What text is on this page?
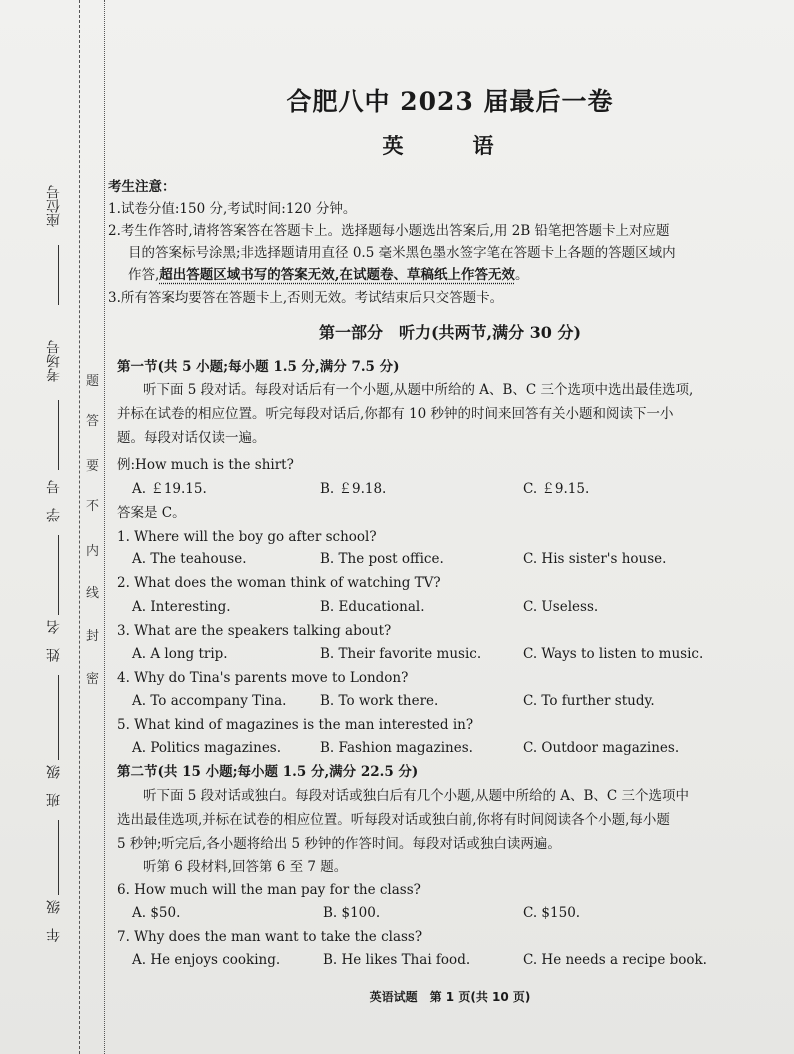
座位号
考场号
学　号
姓　名
班　级
年　级
题
答
要
不
内
线
封
密
合肥八中 2023 届最后一卷
英　语
考生注意：
1.试卷分值:150 分,考试时间:120 分钟。
2.考生作答时,请将答案答在答题卡上。选择题每小题选出答案后,用 2B 铅笔把答题卡上对应题
目的答案标号涂黑;非选择题请用直径 0.5 毫米黑色墨水签字笔在答题卡上各题的答题区域内
作答,超出答题区域书写的答案无效,在试题卷、草稿纸上作答无效。
3.所有答案均要答在答题卡上,否则无效。考试结束后只交答题卡。
第一部分　听力(共两节,满分 30 分)
第一节(共 5 小题;每小题 1.5 分,满分 7.5 分)
听下面 5 段对话。每段对话后有一个小题,从题中所给的 A、B、C 三个选项中选出最佳选项,
并标在试卷的相应位置。听完每段对话后,你都有 10 秒钟的时间来回答有关小题和阅读下一小
题。每段对话仅读一遍。
例:How much is the shirt?
A. ￡19.15.	B. ￡9.18.	C. ￡9.15.
答案是 C。
1. Where will the boy go after school?
A. The teahouse.	B. The post office.	C. His sister's house.
2. What does the woman think of watching TV?
A. Interesting.	B. Educational.	C. Useless.
3. What are the speakers talking about?
A. A long trip.	B. Their favorite music.	C. Ways to listen to music.
4. Why do Tina's parents move to London?
A. To accompany Tina. B. To work there.	C. To further study.
5. What kind of magazines is the man interested in?
A. Politics magazines.	B. Fashion magazines.	C. Outdoor magazines.
第二节(共 15 小题;每小题 1.5 分,满分 22.5 分)
听下面 5 段对话或独白。每段对话或独白后有几个小题,从题中所给的 A、B、C 三个选项中
选出最佳选项,并标在试卷的相应位置。听每段对话或独白前,你将有时间阅读各个小题,每小题
5 秒钟;听完后,各小题将给出 5 秒钟的作答时间。每段对话或独白读两遍。
听第 6 段材料,回答第 6 至 7 题。
6. How much will the man pay for the class?
A. $50.	B. $100.	C. $150.
7. Why does the man want to take the class?
A. He enjoys cooking.	B. He likes Thai food.	C. He needs a recipe book.
英语试题　第 1 页(共 10 页)
